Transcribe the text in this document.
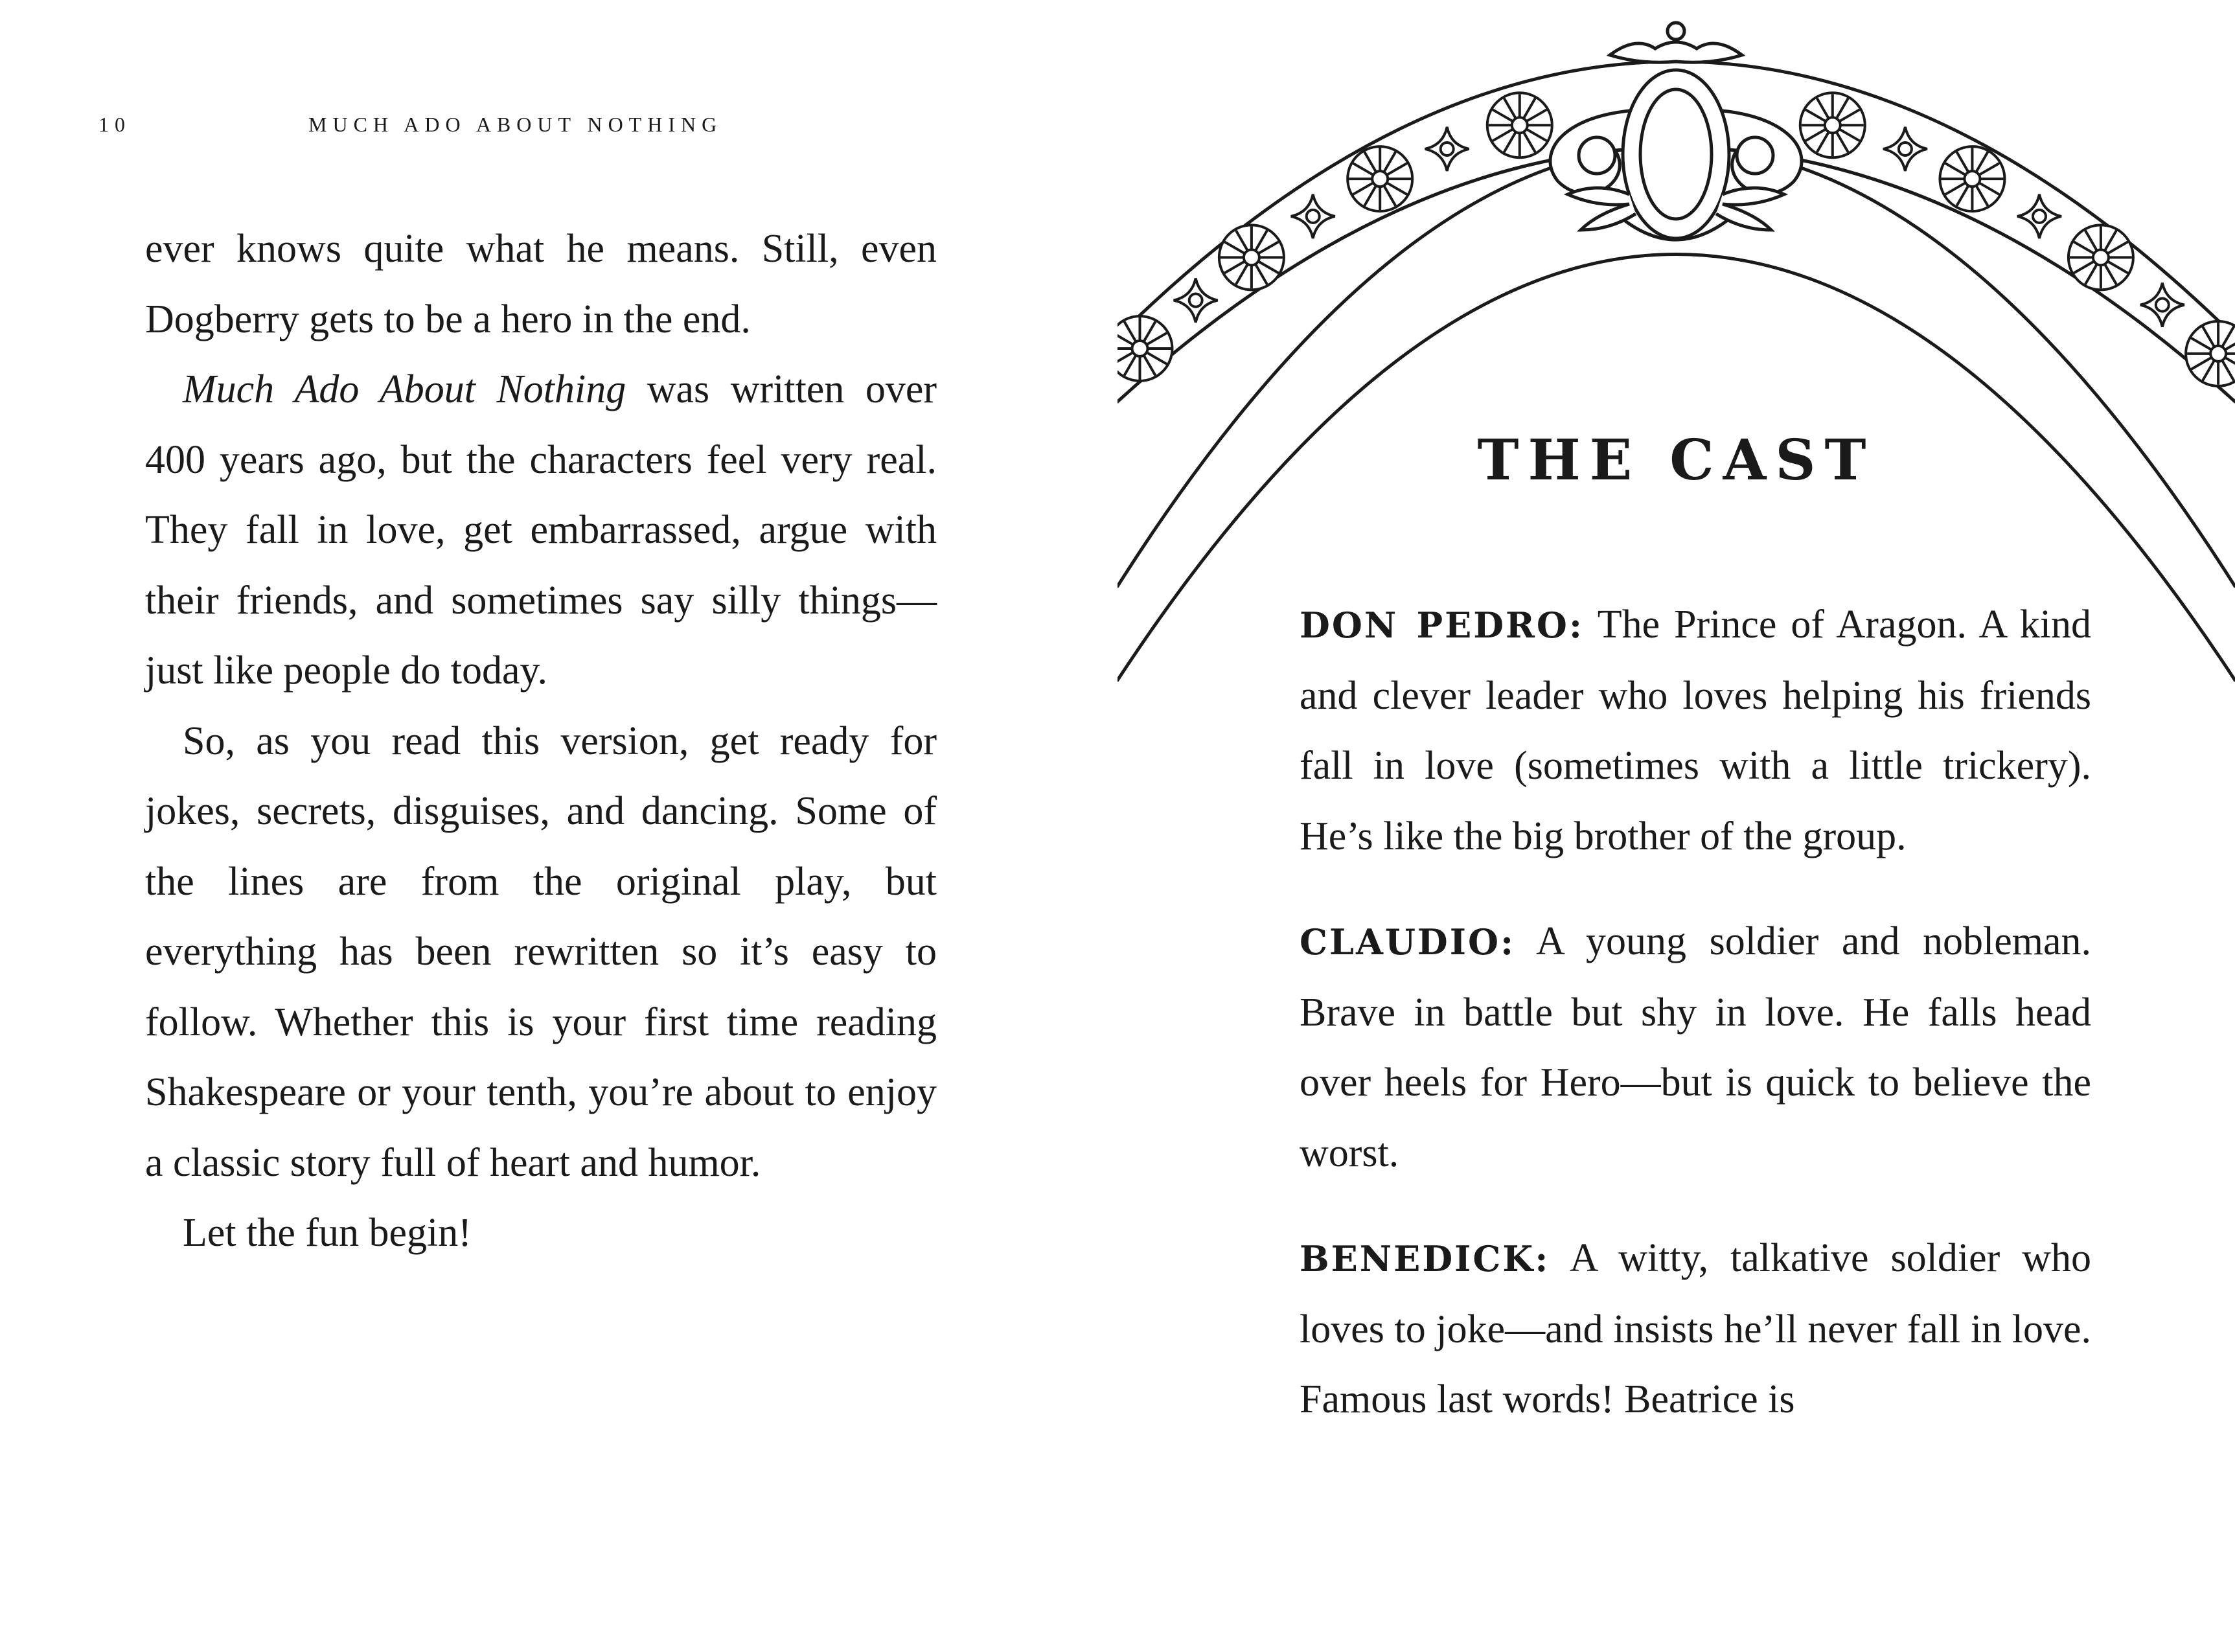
10	MUCH ADO ABOUT NOTHING

ever knows quite what he means. Still, even Dogberry gets to be a hero in the end.

Much Ado About Nothing was written over 400 years ago, but the characters feel very real. They fall in love, get embarrassed, argue with their friends, and sometimes say silly things—just like people do today.

So, as you read this version, get ready for jokes, secrets, disguises, and dancing. Some of the lines are from the original play, but everything has been rewritten so it’s easy to follow. Whether this is your first time reading Shakespeare or your tenth, you’re about to enjoy a classic story full of heart and humor.

Let the fun begin!

THE CAST

DON PEDRO: The Prince of Aragon. A kind and clever leader who loves helping his friends fall in love (sometimes with a little trickery). He’s like the big brother of the group.

CLAUDIO: A young soldier and nobleman. Brave in battle but shy in love. He falls head over heels for Hero—but is quick to believe the worst.

BENEDICK: A witty, talkative soldier who loves to joke—and insists he’ll never fall in love. Famous last words! Beatrice is
